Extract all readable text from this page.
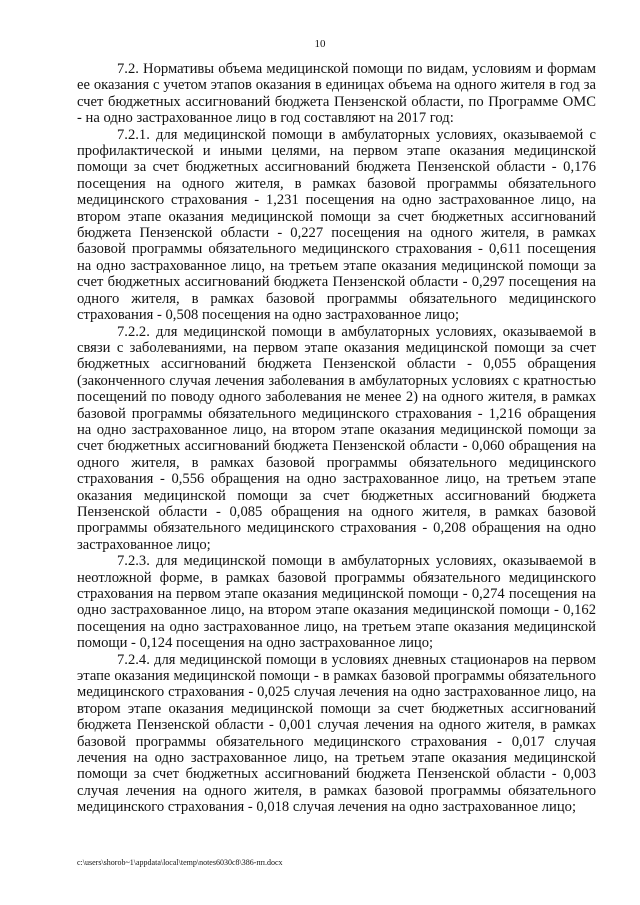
10

7.2. Нормативы объема медицинской помощи по видам, условиям и формам ее оказания с учетом этапов оказания в единицах объема на одного жителя в год за счет бюджетных ассигнований бюджета Пензенской области, по Программе ОМС - на одно застрахованное лицо в год составляют на 2017 год:

7.2.1. для медицинской помощи в амбулаторных условиях, оказываемой с профилактической и иными целями, на первом этапе оказания медицинской помощи за счет бюджетных ассигнований бюджета Пензенской области - 0,176 посещения на одного жителя, в рамках базовой программы обязательного медицинского страхования - 1,231 посещения на одно застрахованное лицо, на втором этапе оказания медицинской помощи за счет бюджетных ассигнований бюджета Пензенской области - 0,227 посещения на одного жителя, в рамках базовой программы обязательного медицинского страхования - 0,611 посещения на одно застрахованное лицо, на третьем этапе оказания медицинской помощи за счет бюджетных ассигнований бюджета Пензенской области - 0,297 посещения на одного жителя, в рамках базовой программы обязательного медицинского страхования - 0,508 посещения на одно застрахованное лицо;

7.2.2. для медицинской помощи в амбулаторных условиях, оказываемой в связи с заболеваниями, на первом этапе оказания медицинской помощи за счет бюджетных ассигнований бюджета Пензенской области - 0,055 обращения (законченного случая лечения заболевания в амбулаторных условиях с кратностью посещений по поводу одного заболевания не менее 2) на одного жителя, в рамках базовой программы обязательного медицинского страхования - 1,216 обращения на одно застрахованное лицо, на втором этапе оказания медицинской помощи за счет бюджетных ассигнований бюджета Пензенской области - 0,060 обращения на одного жителя, в рамках базовой программы обязательного медицинского страхования - 0,556 обращения на одно застрахованное лицо, на третьем этапе оказания медицинской помощи за счет бюджетных ассигнований бюджета Пензенской области - 0,085 обращения на одного жителя, в рамках базовой программы обязательного медицинского страхования - 0,208 обращения на одно застрахованное лицо;

7.2.3. для медицинской помощи в амбулаторных условиях, оказываемой в неотложной форме, в рамках базовой программы обязательного медицинского страхования на первом этапе оказания медицинской помощи - 0,274 посещения на одно застрахованное лицо, на втором этапе оказания медицинской помощи - 0,162 посещения на одно застрахованное лицо, на третьем этапе оказания медицинской помощи - 0,124 посещения на одно застрахованное лицо;

7.2.4. для медицинской помощи в условиях дневных стационаров на первом этапе оказания медицинской помощи - в рамках базовой программы обязательного медицинского страхования - 0,025 случая лечения на одно застрахованное лицо, на втором этапе оказания медицинской помощи за счет бюджетных ассигнований бюджета Пензенской области - 0,001 случая лечения на одного жителя, в рамках базовой программы обязательного медицинского страхования - 0,017 случая лечения на одно застрахованное лицо, на третьем этапе оказания медицинской помощи за счет бюджетных ассигнований бюджета Пензенской области - 0,003 случая лечения на одного жителя, в рамках базовой программы обязательного медицинского страхования - 0,018 случая лечения на одно застрахованное лицо;

c:\users\shorob~1\appdata\local\temp\notes6030c8\386-пп.docx
